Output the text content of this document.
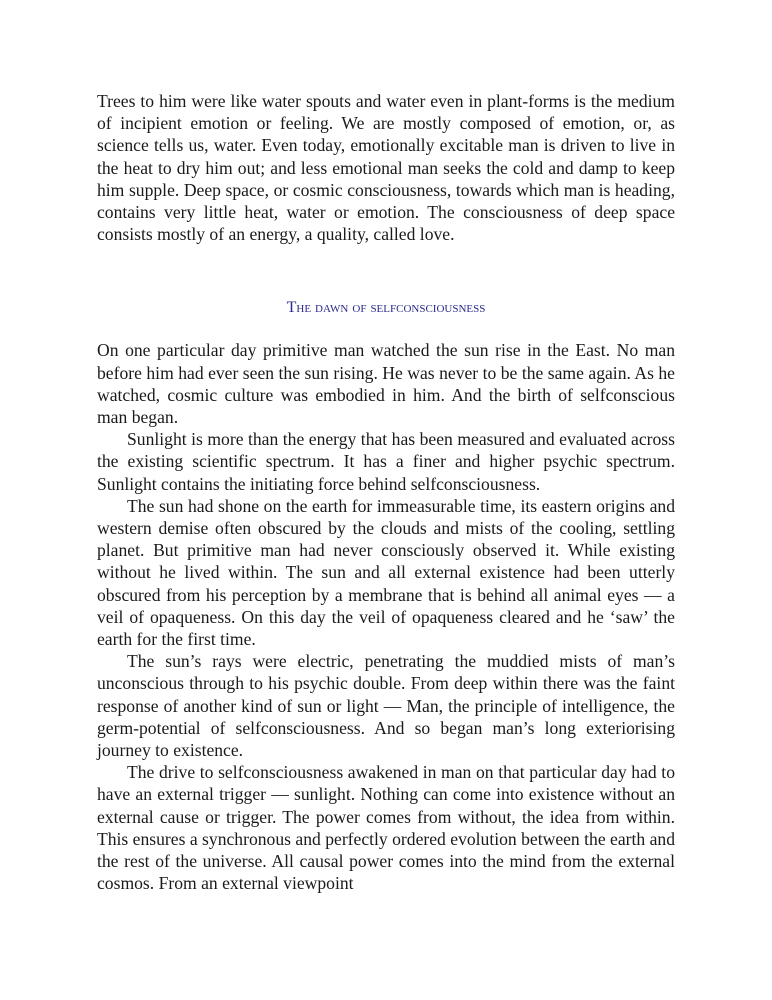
Trees to him were like water spouts and water even in plant-forms is the medium of incipient emotion or feeling. We are mostly composed of emotion, or, as science tells us, water. Even today, emotionally excitable man is driven to live in the heat to dry him out; and less emotional man seeks the cold and damp to keep him supple. Deep space, or cosmic consciousness, towards which man is heading, contains very little heat, water or emotion. The consciousness of deep space consists mostly of an energy, a quality, called love.

The dawn of selfconsciousness

On one particular day primitive man watched the sun rise in the East. No man before him had ever seen the sun rising. He was never to be the same again. As he watched, cosmic culture was embodied in him. And the birth of selfconscious man began.

Sunlight is more than the energy that has been measured and evaluated across the existing scientific spectrum. It has a finer and higher psychic spectrum. Sunlight contains the initiating force behind selfconsciousness.

The sun had shone on the earth for immeasurable time, its eastern origins and western demise often obscured by the clouds and mists of the cooling, settling planet. But primitive man had never consciously observed it. While existing without he lived within. The sun and all external existence had been utterly obscured from his perception by a membrane that is behind all animal eyes — a veil of opaqueness. On this day the veil of opaqueness cleared and he ‘saw’ the earth for the first time.

The sun’s rays were electric, penetrating the muddied mists of man’s unconscious through to his psychic double. From deep within there was the faint response of another kind of sun or light — Man, the principle of intelligence, the germ-potential of selfconsciousness. And so began man’s long exteriorising journey to existence.

The drive to selfconsciousness awakened in man on that particular day had to have an external trigger — sunlight. Nothing can come into existence without an external cause or trigger. The power comes from without, the idea from within. This ensures a synchronous and perfectly ordered evolution between the earth and the rest of the universe. All causal power comes into the mind from the external cosmos. From an external viewpoint
